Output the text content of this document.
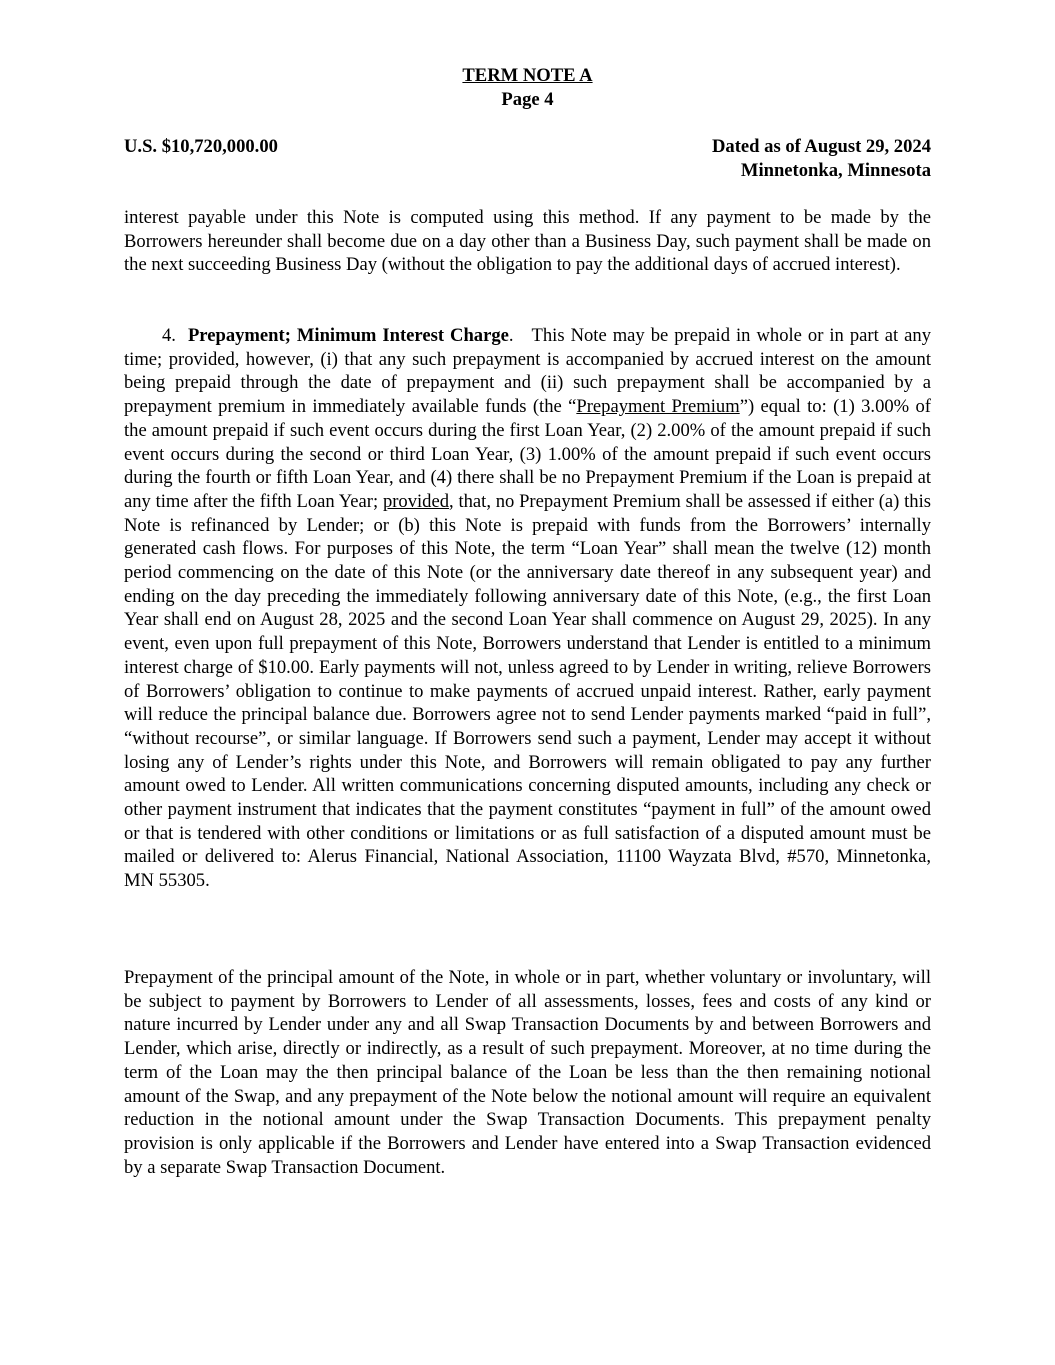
TERM NOTE A
Page 4
U.S. $10,720,000.00	Dated as of August 29, 2024
Minnetonka, Minnesota

interest payable under this Note is computed using this method. If any payment to be made by the Borrowers hereunder shall become due on a day other than a Business Day, such payment shall be made on the next succeeding Business Day (without the obligation to pay the additional days of accrued interest).

4. Prepayment; Minimum Interest Charge. This Note may be prepaid in whole or in part at any time; provided, however, (i) that any such prepayment is accompanied by accrued interest on the amount being prepaid through the date of prepayment and (ii) such prepayment shall be accompanied by a prepayment premium in immediately available funds (the “Prepayment Premium”) equal to: (1) 3.00% of the amount prepaid if such event occurs during the first Loan Year, (2) 2.00% of the amount prepaid if such event occurs during the second or third Loan Year, (3) 1.00% of the amount prepaid if such event occurs during the fourth or fifth Loan Year, and (4) there shall be no Prepayment Premium if the Loan is prepaid at any time after the fifth Loan Year; provided, that, no Prepayment Premium shall be assessed if either (a) this Note is refinanced by Lender; or (b) this Note is prepaid with funds from the Borrowers’ internally generated cash flows. For purposes of this Note, the term “Loan Year” shall mean the twelve (12) month period commencing on the date of this Note (or the anniversary date thereof in any subsequent year) and ending on the day preceding the immediately following anniversary date of this Note, (e.g., the first Loan Year shall end on August 28, 2025 and the second Loan Year shall commence on August 29, 2025). In any event, even upon full prepayment of this Note, Borrowers understand that Lender is entitled to a minimum interest charge of $10.00. Early payments will not, unless agreed to by Lender in writing, relieve Borrowers of Borrowers’ obligation to continue to make payments of accrued unpaid interest. Rather, early payment will reduce the principal balance due. Borrowers agree not to send Lender payments marked “paid in full”, “without recourse”, or similar language. If Borrowers send such a payment, Lender may accept it without losing any of Lender’s rights under this Note, and Borrowers will remain obligated to pay any further amount owed to Lender. All written communications concerning disputed amounts, including any check or other payment instrument that indicates that the payment constitutes “payment in full” of the amount owed or that is tendered with other conditions or limitations or as full satisfaction of a disputed amount must be mailed or delivered to: Alerus Financial, National Association, 11100 Wayzata Blvd, #570, Minnetonka, MN 55305.

Prepayment of the principal amount of the Note, in whole or in part, whether voluntary or involuntary, will be subject to payment by Borrowers to Lender of all assessments, losses, fees and costs of any kind or nature incurred by Lender under any and all Swap Transaction Documents by and between Borrowers and Lender, which arise, directly or indirectly, as a result of such prepayment. Moreover, at no time during the term of the Loan may the then principal balance of the Loan be less than the then remaining notional amount of the Swap, and any prepayment of the Note below the notional amount will require an equivalent reduction in the notional amount under the Swap Transaction Documents. This prepayment penalty provision is only applicable if the Borrowers and Lender have entered into a Swap Transaction evidenced by a separate Swap Transaction Document.
